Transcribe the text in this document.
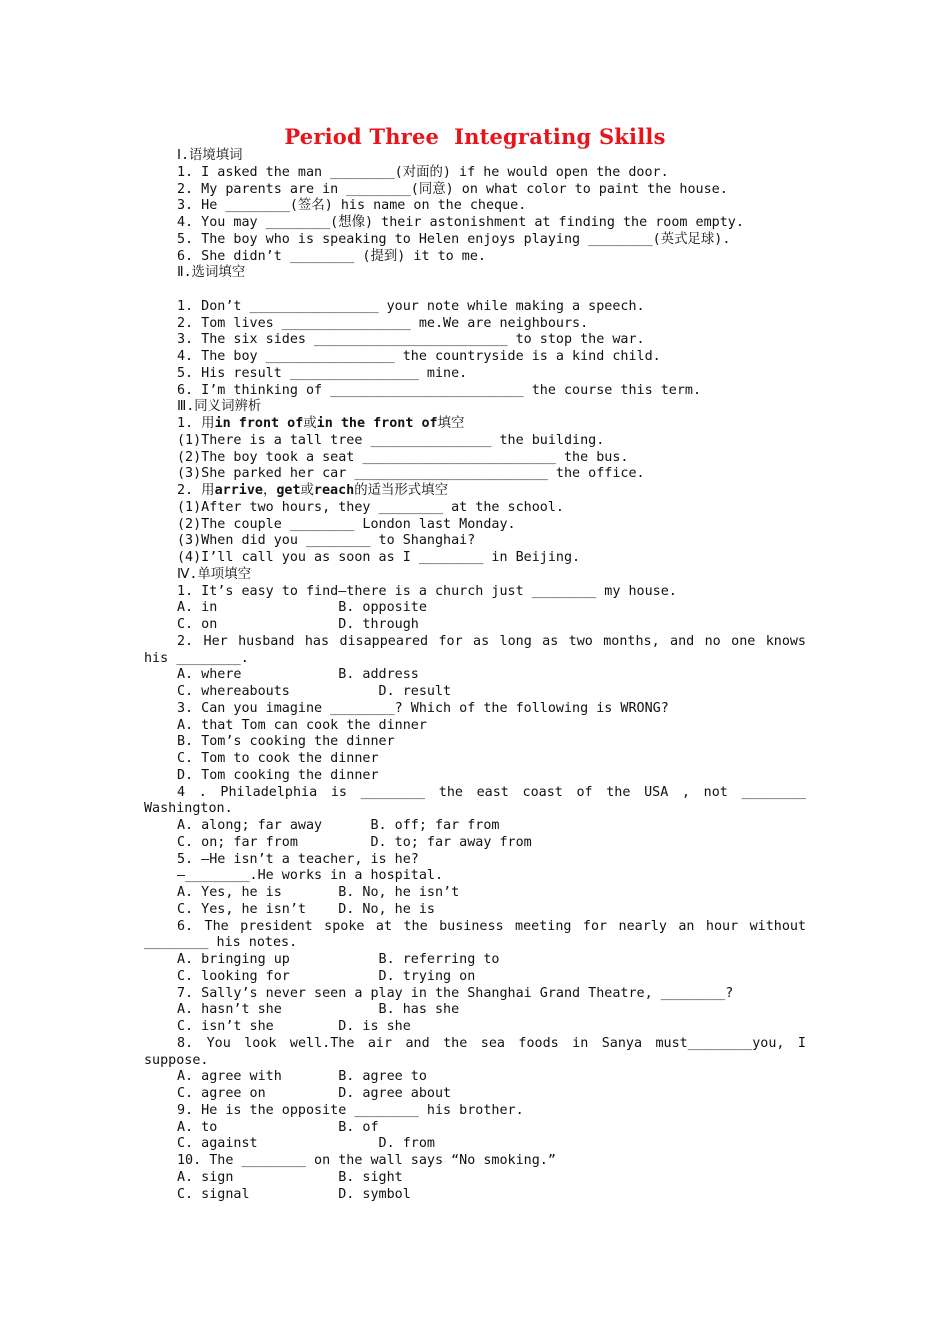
Period Three  Integrating Skills
Ⅰ.语境填词
1. I asked the man ________(对面的) if he would open the door.
2. My parents are in ________(同意) on what color to paint the house.
3. He ________(签名) his name on the cheque.
4. You may ________(想像) their astonishment at finding the room empty.
5. The boy who is speaking to Helen enjoys playing ________(英式足球).
6. She didn’t ________ (提到) it to me.
Ⅱ.选词填空
1. Don’t ________________ your note while making a speech.
2. Tom lives ________________ me.We are neighbours.
3. The six sides ________________________ to stop the war.
4. The boy ________________ the countryside is a kind child.
5. His result ________________ mine.
6. I’m thinking of ________________________ the course this term.
Ⅲ.同义词辨析
1. 用in front of或in the front of填空
(1)There is a tall tree _______________ the building.
(2)The boy took a seat ________________________ the bus.
(3)She parked her car ________________________ the office.
2. 用arrive，get或reach的适当形式填空
(1)After two hours, they ________ at the school.
(2)The couple ________ London last Monday.
(3)When did you ________ to Shanghai?
(4)I’ll call you as soon as I ________ in Beijing.
Ⅳ.单项填空
1. It’s easy to find—there is a church just ________ my house.
A. in               B. opposite
C. on               D. through
2. Her husband has disappeared for as long as two months, and no one knows
his ________.
A. where            B. address
C. whereabouts           D. result
3. Can you imagine ________? Which of the following is WRONG?
A. that Tom can cook the dinner
B. Tom’s cooking the dinner
C. Tom to cook the dinner
D. Tom cooking the dinner
4 . Philadelphia is ________ the east coast of the USA , not ________
Washington.
A. along; far away      B. off; far from
C. on; far from         D. to; far away from
5. —He isn’t a teacher, is he?
—________.He works in a hospital.
A. Yes, he is       B. No, he isn’t
C. Yes, he isn’t    D. No, he is
6. The president spoke at the business meeting for nearly an hour without
________ his notes.
A. bringing up           B. referring to
C. looking for           D. trying on
7. Sally’s never seen a play in the Shanghai Grand Theatre, ________?
A. hasn’t she            B. has she
C. isn’t she        D. is she
8. You look well.The air and the sea foods in Sanya must________you, I
suppose.
A. agree with       B. agree to
C. agree on         D. agree about
9. He is the opposite ________ his brother.
A. to               B. of
C. against               D. from
10. The ________ on the wall says “No smoking.”
A. sign             B. sight
C. signal           D. symbol
